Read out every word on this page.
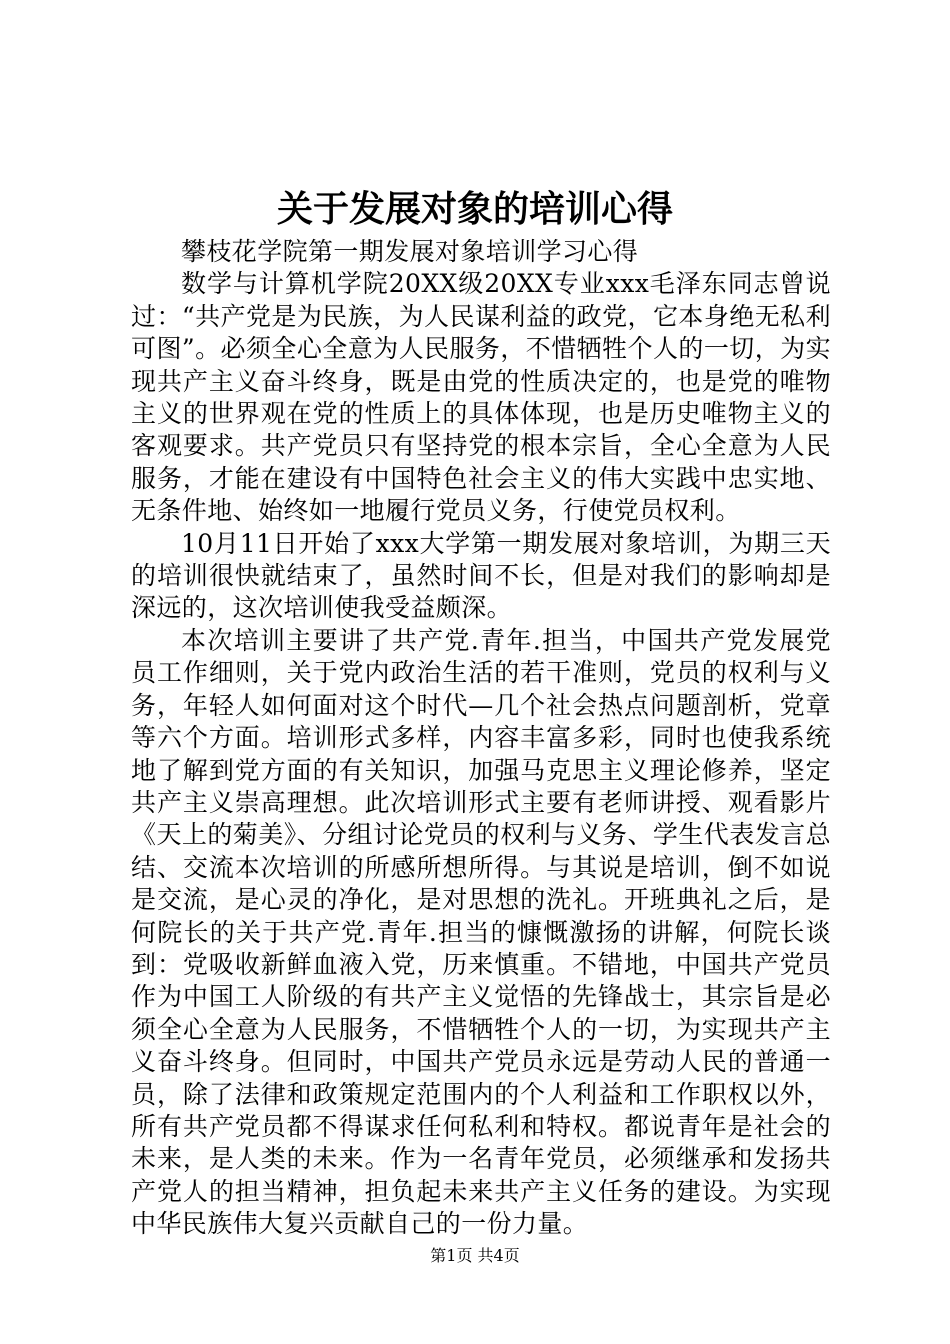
关于发展对象的培训心得

攀枝花学院第一期发展对象培训学习心得

数学与计算机学院20XX级20XX专业xxx毛泽东同志曾说过：“共产党是为民族，为人民谋利益的政党，它本身绝无私利可图”。必须全心全意为人民服务，不惜牺牲个人的一切，为实现共产主义奋斗终身，既是由党的性质决定的，也是党的唯物主义的世界观在党的性质上的具体体现，也是历史唯物主义的客观要求。共产党员只有坚持党的根本宗旨，全心全意为人民服务，才能在建设有中国特色社会主义的伟大实践中忠实地、无条件地、始终如一地履行党员义务，行使党员权利。

10月11日开始了xxx大学第一期发展对象培训，为期三天的培训很快就结束了，虽然时间不长，但是对我们的影响却是深远的，这次培训使我受益颇深。

本次培训主要讲了共产党.青年.担当，中国共产党发展党员工作细则，关于党内政治生活的若干准则，党员的权利与义务，年轻人如何面对这个时代—几个社会热点问题剖析，党章等六个方面。培训形式多样，内容丰富多彩，同时也使我系统地了解到党方面的有关知识，加强马克思主义理论修养，坚定共产主义崇高理想。此次培训形式主要有老师讲授、观看影片《天上的菊美》、分组讨论党员的权利与义务、学生代表发言总结、交流本次培训的所感所想所得。与其说是培训，倒不如说是交流，是心灵的净化，是对思想的洗礼。开班典礼之后，是何院长的关于共产党.青年.担当的慷慨激扬的讲解，何院长谈到：党吸收新鲜血液入党，历来慎重。不错地，中国共产党员作为中国工人阶级的有共产主义觉悟的先锋战士，其宗旨是必须全心全意为人民服务，不惜牺牲个人的一切，为实现共产主义奋斗终身。但同时，中国共产党员永远是劳动人民的普通一员，除了法律和政策规定范围内的个人利益和工作职权以外，所有共产党员都不得谋求任何私利和特权。都说青年是社会的未来，是人类的未来。作为一名青年党员，必须继承和发扬共产党人的担当精神，担负起未来共产主义任务的建设。为实现中华民族伟大复兴贡献自己的一份力量。

第1页 共4页
